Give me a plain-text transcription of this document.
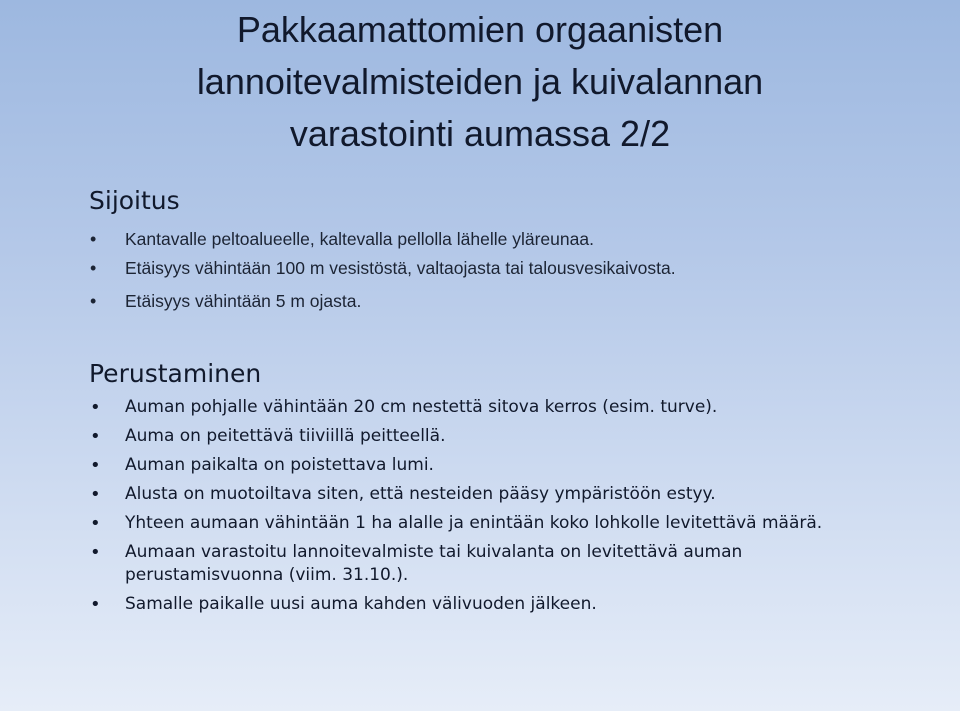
Pakkaamattomien orgaanisten
lannoitevalmisteiden ja kuivalannan
varastointi aumassa 2/2
Sijoitus
• Kantavalle peltoalueelle, kaltevalla pellolla lähelle yläreunaa.
• Etäisyys vähintään 100 m vesistöstä, valtaojasta tai talousvesikaivosta.
• Etäisyys vähintään 5 m ojasta.
Perustaminen
• Auman pohjalle vähintään 20 cm nestettä sitova kerros (esim. turve).
• Auma on peitettävä tiiviillä peitteellä.
• Auman paikalta on poistettava lumi.
• Alusta on muotoiltava siten, että nesteiden pääsy ympäristöön estyy.
• Yhteen aumaan vähintään 1 ha alalle ja enintään koko lohkolle levitettävä määrä.
• Aumaan varastoitu lannoitevalmiste tai kuivalanta on levitettävä auman perustamisvuonna (viim. 31.10.).
• Samalle paikalle uusi auma kahden välivuoden jälkeen.
